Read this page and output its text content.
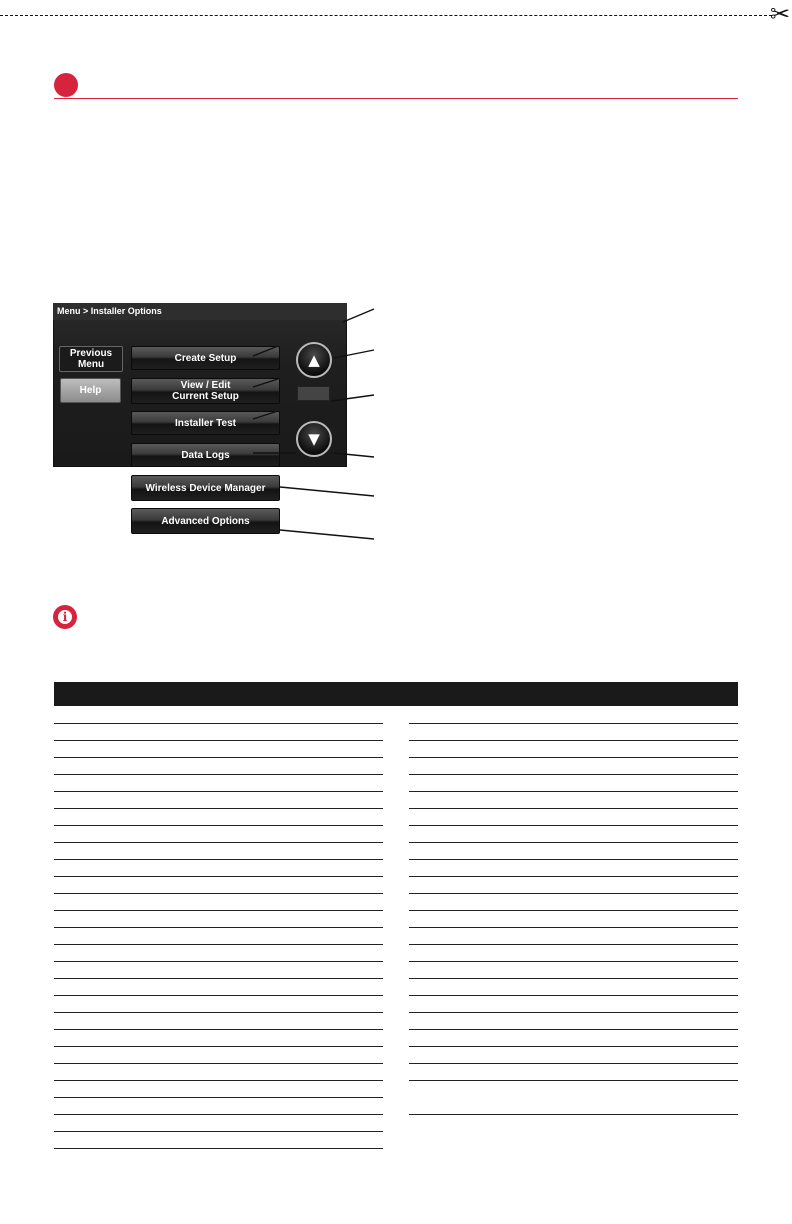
✂
Menu > Installer Options
Previous
Menu
Help
Create Setup
View / Edit
Current Setup
Installer Test
Data Logs
Wireless Device Manager
Advanced Options
▲
▼
i
